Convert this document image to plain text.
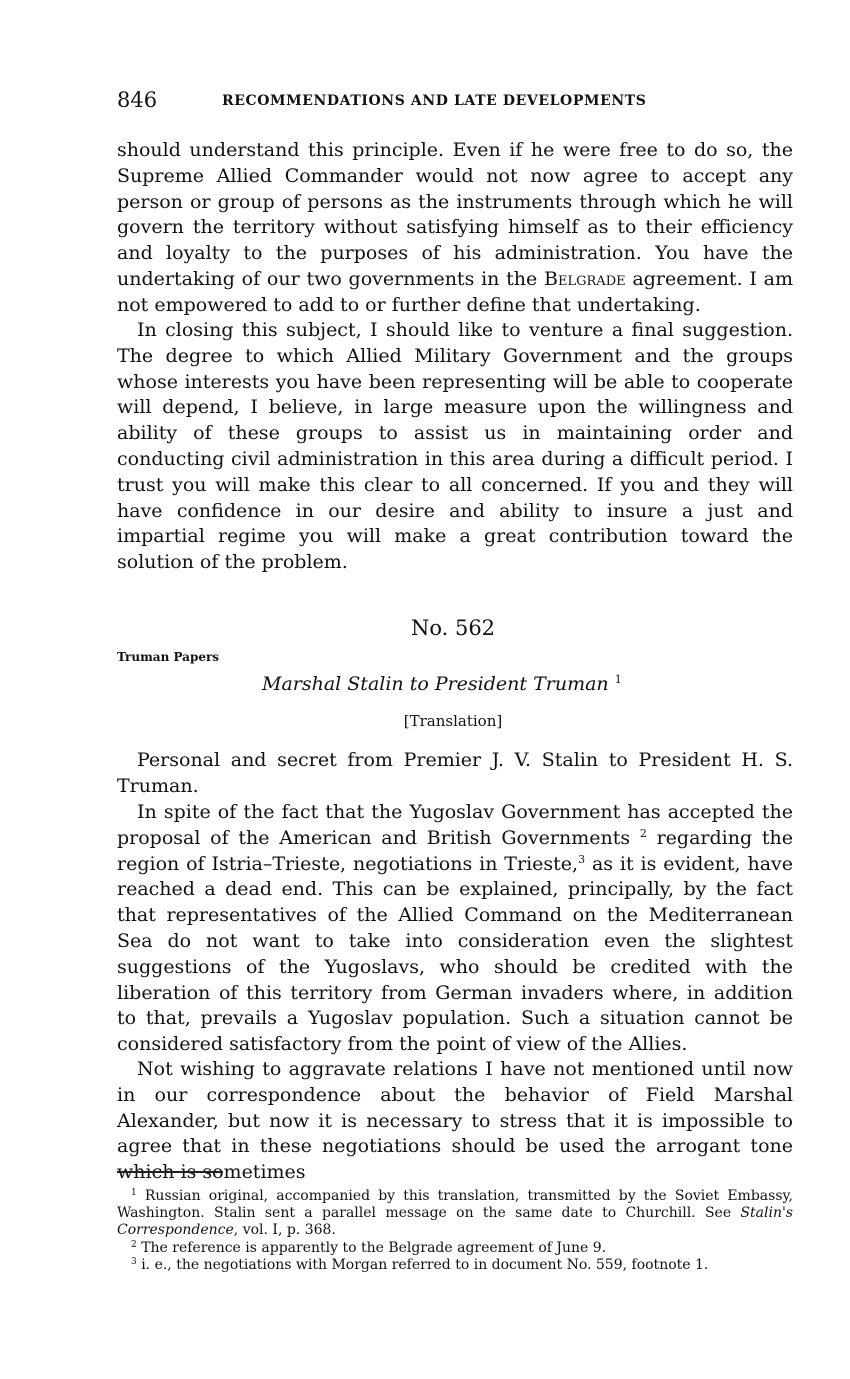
846	RECOMMENDATIONS AND LATE DEVELOPMENTS

should understand this principle. Even if he were free to do so, the Supreme Allied Commander would not now agree to accept any person or group of persons as the instruments through which he will govern the territory without satisfying himself as to their efficiency and loyalty to the purposes of his administration. You have the undertaking of our two governments in the Belgrade agreement. I am not empowered to add to or further define that undertaking.

In closing this subject, I should like to venture a final suggestion. The degree to which Allied Military Government and the groups whose interests you have been representing will be able to cooperate will depend, I believe, in large measure upon the willingness and ability of these groups to assist us in maintaining order and conducting civil administration in this area during a difficult period. I trust you will make this clear to all concerned. If you and they will have confidence in our desire and ability to insure a just and impartial regime you will make a great contribution toward the solution of the problem.

No. 562
Truman Papers
Marshal Stalin to President Truman $^1$
[Translation]

Personal and secret from Premier J. V. Stalin to President H. S. Truman.

In spite of the fact that the Yugoslav Government has accepted the proposal of the American and British Governments $^2$ regarding the region of Istria–Trieste, negotiations in Trieste,$^3$ as it is evident, have reached a dead end. This can be explained, principally, by the fact that representatives of the Allied Command on the Mediterranean Sea do not want to take into consideration even the slightest suggestions of the Yugoslavs, who should be credited with the liberation of this territory from German invaders where, in addition to that, prevails a Yugoslav population. Such a situation cannot be considered satisfactory from the point of view of the Allies.

Not wishing to aggravate relations I have not mentioned until now in our correspondence about the behavior of Field Marshal Alexander, but now it is necessary to stress that it is impossible to agree that in these negotiations should be used the arrogant tone which is sometimes

$^1$ Russian original, accompanied by this translation, transmitted by the Soviet Embassy, Washington. Stalin sent a parallel message on the same date to Churchill. See Stalin's Correspondence, vol. I, p. 368.

$^2$ The reference is apparently to the Belgrade agreement of June 9.

$^3$ i. e., the negotiations with Morgan referred to in document No. 559, footnote 1.
